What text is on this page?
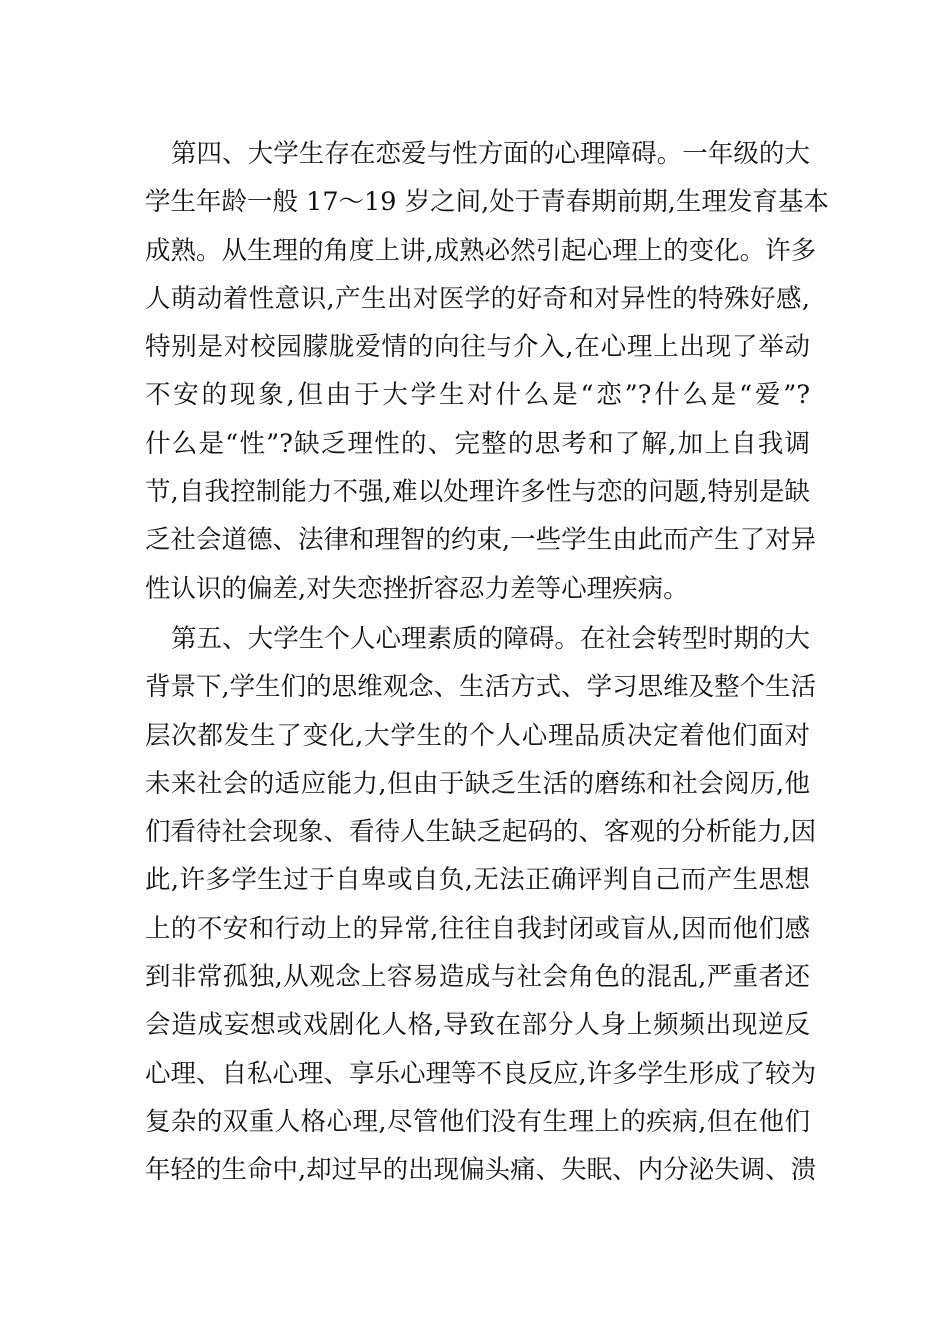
第四、大学生存在恋爱与性方面的心理障碍。一年级的大
学生年龄一般 17～19 岁之间,处于青春期前期,生理发育基本
成熟。从生理的角度上讲,成熟必然引起心理上的变化。许多
人萌动着性意识,产生出对医学的好奇和对异性的特殊好感,
特别是对校园朦胧爱情的向往与介入,在心理上出现了举动
不安的现象,但由于大学生对什么是“恋”?什么是“爱”?
什么是“性”?缺乏理性的、完整的思考和了解,加上自我调
节,自我控制能力不强,难以处理许多性与恋的问题,特别是缺
乏社会道德、法律和理智的约束,一些学生由此而产生了对异
性认识的偏差,对失恋挫折容忍力差等心理疾病。
第五、大学生个人心理素质的障碍。在社会转型时期的大
背景下,学生们的思维观念、生活方式、学习思维及整个生活
层次都发生了变化,大学生的个人心理品质决定着他们面对
未来社会的适应能力,但由于缺乏生活的磨练和社会阅历,他
们看待社会现象、看待人生缺乏起码的、客观的分析能力,因
此,许多学生过于自卑或自负,无法正确评判自己而产生思想
上的不安和行动上的异常,往往自我封闭或盲从,因而他们感
到非常孤独,从观念上容易造成与社会角色的混乱,严重者还
会造成妄想或戏剧化人格,导致在部分人身上频频出现逆反
心理、自私心理、享乐心理等不良反应,许多学生形成了较为
复杂的双重人格心理,尽管他们没有生理上的疾病,但在他们
年轻的生命中,却过早的出现偏头痛、失眠、内分泌失调、溃
